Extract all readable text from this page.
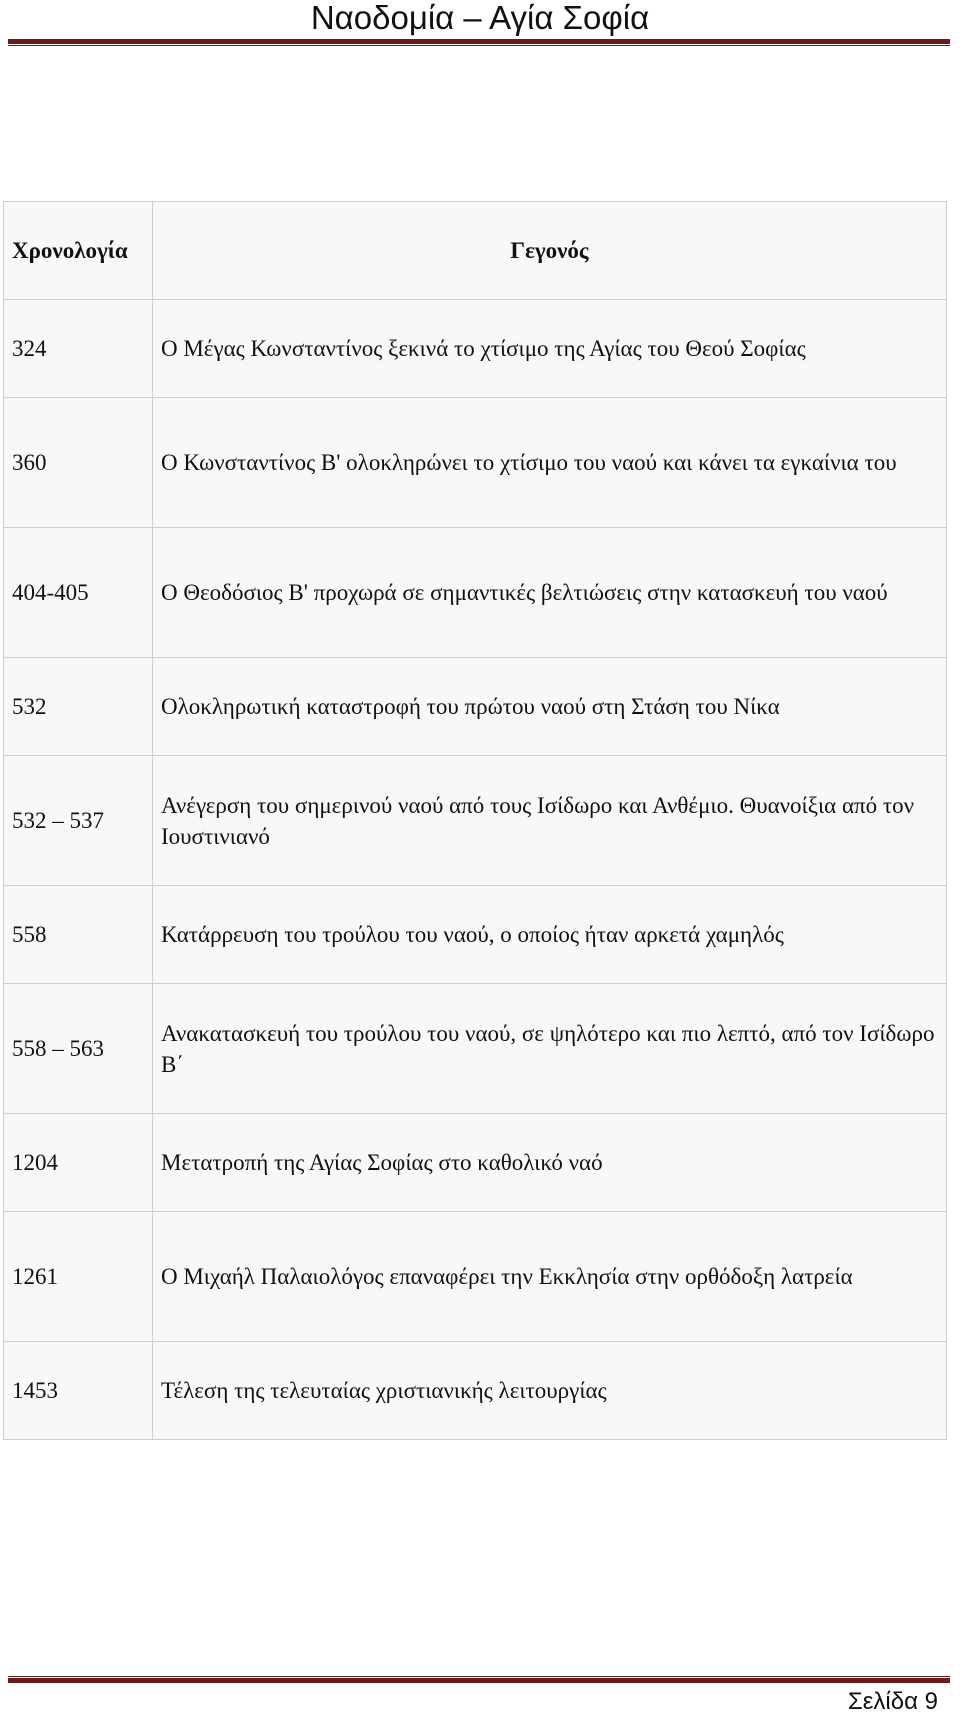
Ναοδομία – Αγία Σοφία
Χρονολογία	Γεγονός
324	Ο Μέγας Κωνσταντίνος ξεκινά το χτίσιμο της Αγίας του Θεού Σοφίας
360	Ο Κωνσταντίνος Β' ολοκληρώνει το χτίσιμο του ναού και κάνει τα εγκαίνια του
404-405	Ο Θεοδόσιος Β' προχωρά σε σημαντικές βελτιώσεις στην κατασκευή του ναού
532	Ολοκληρωτική καταστροφή του πρώτου ναού στη Στάση του Νίκα
532 – 537	Ανέγερση του σημερινού ναού από τους Ισίδωρο και Ανθέμιο. Θυανοίξια από τον Ιουστινιανό
558	Κατάρρευση του τρούλου του ναού, ο οποίος ήταν αρκετά χαμηλός
558 – 563	Ανακατασκευή του τρούλου του ναού, σε ψηλότερο και πιο λεπτό, από τον Ισίδωρο Β΄
1204	Μετατροπή της Αγίας Σοφίας στο καθολικό ναό
1261	Ο Μιχαήλ Παλαιολόγος επαναφέρει την Εκκλησία στην ορθόδοξη λατρεία
1453	Τέλεση της τελευταίας χριστιανικής λειτουργίας
Σελίδα 9
